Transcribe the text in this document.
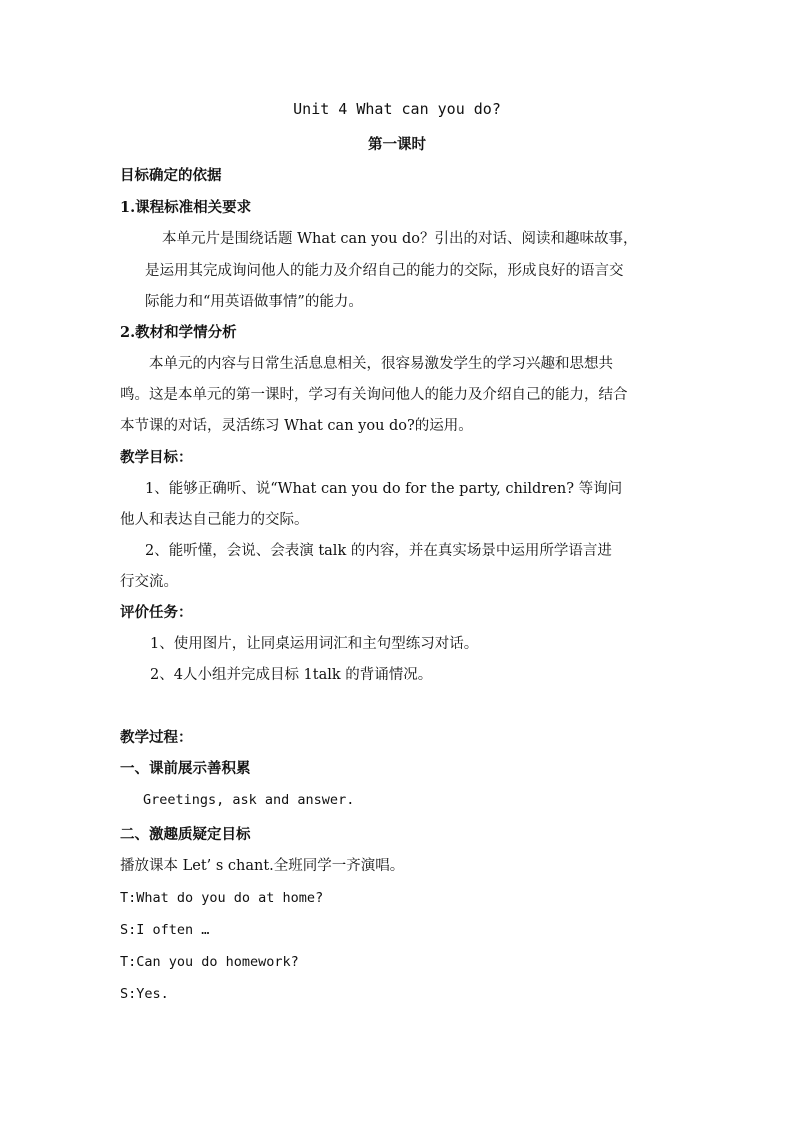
Unit 4 What can you do?
第一课时
目标确定的依据
1.课程标准相关要求
本单元片是围绕话题 What can you do？引出的对话、阅读和趣味故事，
是运用其完成询问他人的能力及介绍自己的能力的交际，形成良好的语言交
际能力和“用英语做事情”的能力。
2.教材和学情分析
本单元的内容与日常生活息息相关，很容易激发学生的学习兴趣和思想共
鸣。这是本单元的第一课时，学习有关询问他人的能力及介绍自己的能力，结合
本节课的对话，灵活练习 What can you do?的运用。
教学目标：
1、能够正确听、说“What can you do for the party, children? 等询问
他人和表达自己能力的交际。
2、能听懂，会说、会表演 talk 的内容，并在真实场景中运用所学语言进
行交流。
评价任务：
1、使用图片，让同桌运用词汇和主句型练习对话。
2、4人小组并完成目标 1talk 的背诵情况。
教学过程：
一、课前展示善积累
Greetings, ask and answer.
二、激趣质疑定目标
播放课本 Let’ s chant.全班同学一齐演唱。
T:What do you do at home?
S:I often …
T:Can you do homework?
S:Yes.
